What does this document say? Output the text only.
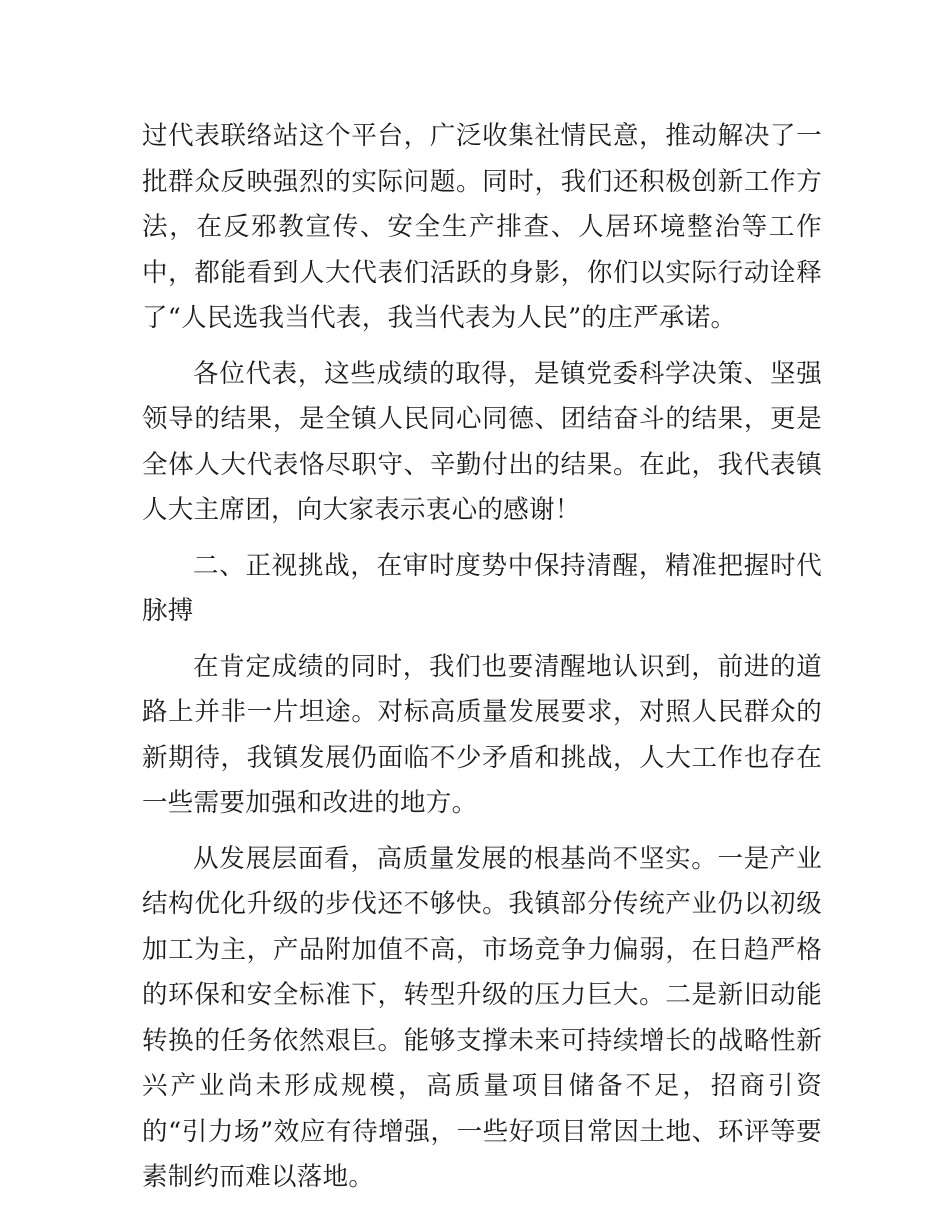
过代表联络站这个平台，广泛收集社情民意，推动解决了一批群众反映强烈的实际问题。同时，我们还积极创新工作方法，在反邪教宣传、安全生产排查、人居环境整治等工作中，都能看到人大代表们活跃的身影，你们以实际行动诠释了“人民选我当代表，我当代表为人民”的庄严承诺。

各位代表，这些成绩的取得，是镇党委科学决策、坚强领导的结果，是全镇人民同心同德、团结奋斗的结果，更是全体人大代表恪尽职守、辛勤付出的结果。在此，我代表镇人大主席团，向大家表示衷心的感谢！

二、正视挑战，在审时度势中保持清醒，精准把握时代脉搏

在肯定成绩的同时，我们也要清醒地认识到，前进的道路上并非一片坦途。对标高质量发展要求，对照人民群众的新期待，我镇发展仍面临不少矛盾和挑战，人大工作也存在一些需要加强和改进的地方。

从发展层面看，高质量发展的根基尚不坚实。一是产业结构优化升级的步伐还不够快。我镇部分传统产业仍以初级加工为主，产品附加值不高，市场竞争力偏弱，在日趋严格的环保和安全标准下，转型升级的压力巨大。二是新旧动能转换的任务依然艰巨。能够支撑未来可持续增长的战略性新兴产业尚未形成规模，高质量项目储备不足，招商引资的“引力场”效应有待增强，一些好项目常因土地、环评等要素制约而难以落地。
